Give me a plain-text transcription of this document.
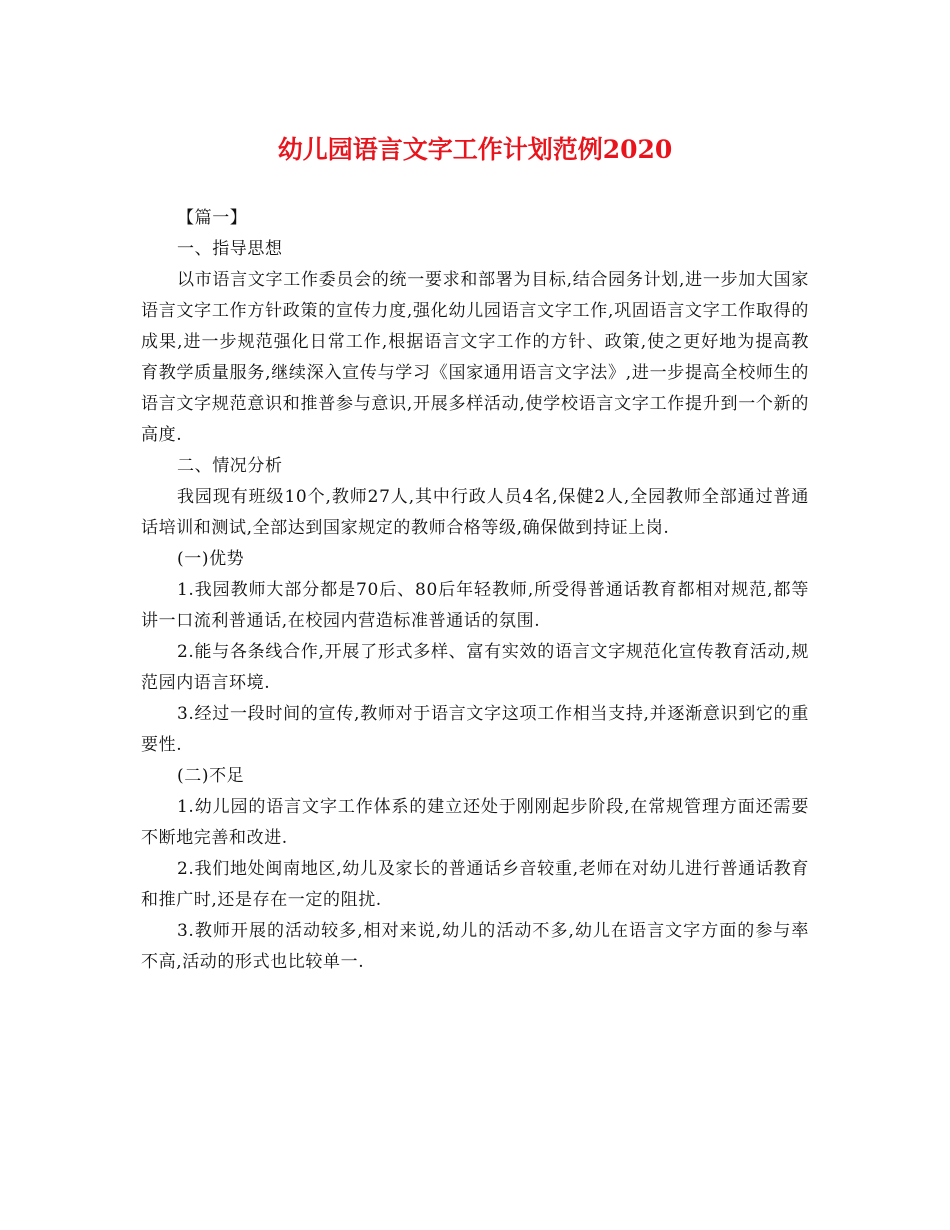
幼儿园语言文字工作计划范例2020

【篇一】

一、指导思想

以市语言文字工作委员会的统一要求和部署为目标,结合园务计划,进一步加大国家语言文字工作方针政策的宣传力度,强化幼儿园语言文字工作,巩固语言文字工作取得的成果,进一步规范强化日常工作,根据语言文字工作的方针、政策,使之更好地为提高教育教学质量服务,继续深入宣传与学习《国家通用语言文字法》,进一步提高全校师生的语言文字规范意识和推普参与意识,开展多样活动,使学校语言文字工作提升到一个新的高度.

二、情况分析

我园现有班级10个,教师27人,其中行政人员4名,保健2人,全园教师全部通过普通话培训和测试,全部达到国家规定的教师合格等级,确保做到持证上岗.

(一)优势

1.我园教师大部分都是70后、80后年轻教师,所受得普通话教育都相对规范,都等讲一口流利普通话,在校园内营造标准普通话的氛围.

2.能与各条线合作,开展了形式多样、富有实效的语言文字规范化宣传教育活动,规范园内语言环境.

3.经过一段时间的宣传,教师对于语言文字这项工作相当支持,并逐渐意识到它的重要性.

(二)不足

1.幼儿园的语言文字工作体系的建立还处于刚刚起步阶段,在常规管理方面还需要不断地完善和改进.

2.我们地处闽南地区,幼儿及家长的普通话乡音较重,老师在对幼儿进行普通话教育和推广时,还是存在一定的阻扰.

3.教师开展的活动较多,相对来说,幼儿的活动不多,幼儿在语言文字方面的参与率不高,活动的形式也比较单一.
